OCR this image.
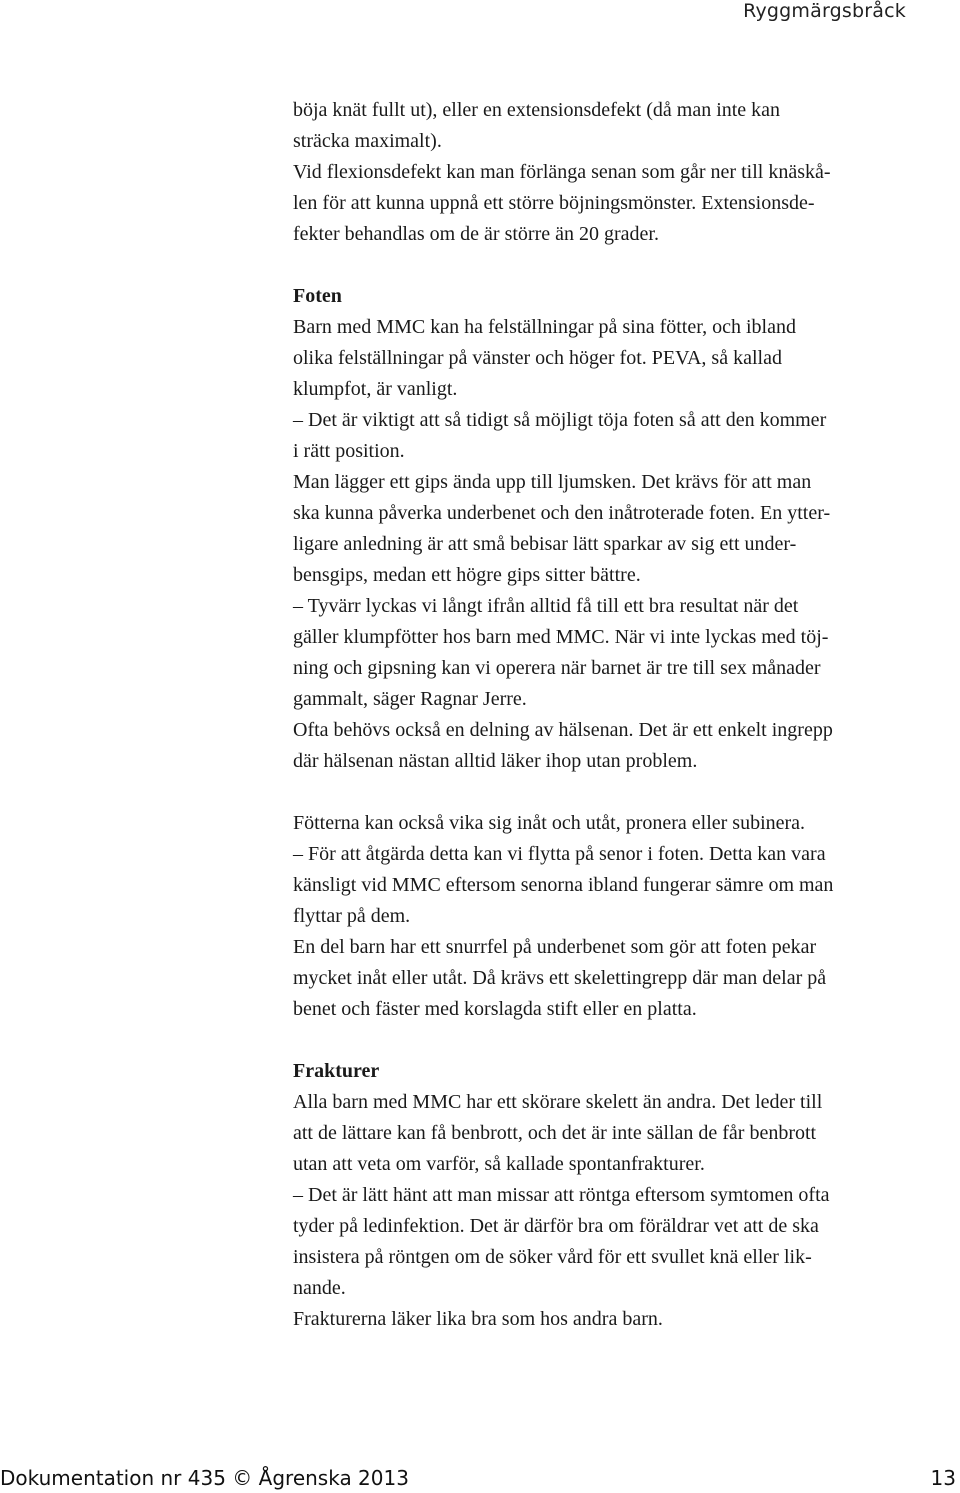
Ryggmärgsbråck
böja knät fullt ut), eller en extensionsdefekt (då man inte kan
sträcka maximalt).
Vid flexionsdefekt kan man förlänga senan som går ner till knäskå-
len för att kunna uppnå ett större böjningsmönster. Extensionsde-
fekter behandlas om de är större än 20 grader.
Foten
Barn med MMC kan ha felställningar på sina fötter, och ibland
olika felställningar på vänster och höger fot. PEVA, så kallad
klumpfot, är vanligt.
– Det är viktigt att så tidigt så möjligt töja foten så att den kommer
i rätt position.
Man lägger ett gips ända upp till ljumsken. Det krävs för att man
ska kunna påverka underbenet och den inåtroterade foten. En ytter-
ligare anledning är att små bebisar lätt sparkar av sig ett under-
bensgips, medan ett högre gips sitter bättre.
– Tyvärr lyckas vi långt ifrån alltid få till ett bra resultat när det
gäller klumpfötter hos barn med MMC. När vi inte lyckas med töj-
ning och gipsning kan vi operera när barnet är tre till sex månader
gammalt, säger Ragnar Jerre.
Ofta behövs också en delning av hälsenan. Det är ett enkelt ingrepp
där hälsenan nästan alltid läker ihop utan problem.
Fötterna kan också vika sig inåt och utåt, pronera eller subinera.
– För att åtgärda detta kan vi flytta på senor i foten. Detta kan vara
känsligt vid MMC eftersom senorna ibland fungerar sämre om man
flyttar på dem.
En del barn har ett snurrfel på underbenet som gör att foten pekar
mycket inåt eller utåt. Då krävs ett skelettingrepp där man delar på
benet och fäster med korslagda stift eller en platta.
Frakturer
Alla barn med MMC har ett skörare skelett än andra. Det leder till
att de lättare kan få benbrott, och det är inte sällan de får benbrott
utan att veta om varför, så kallade spontanfrakturer.
– Det är lätt hänt att man missar att röntga eftersom symtomen ofta
tyder på ledinfektion. Det är därför bra om föräldrar vet att de ska
insistera på röntgen om de söker vård för ett svullet knä eller lik-
nande.
Frakturerna läker lika bra som hos andra barn.
Dokumentation nr 435 © Ågrenska 2013	13
